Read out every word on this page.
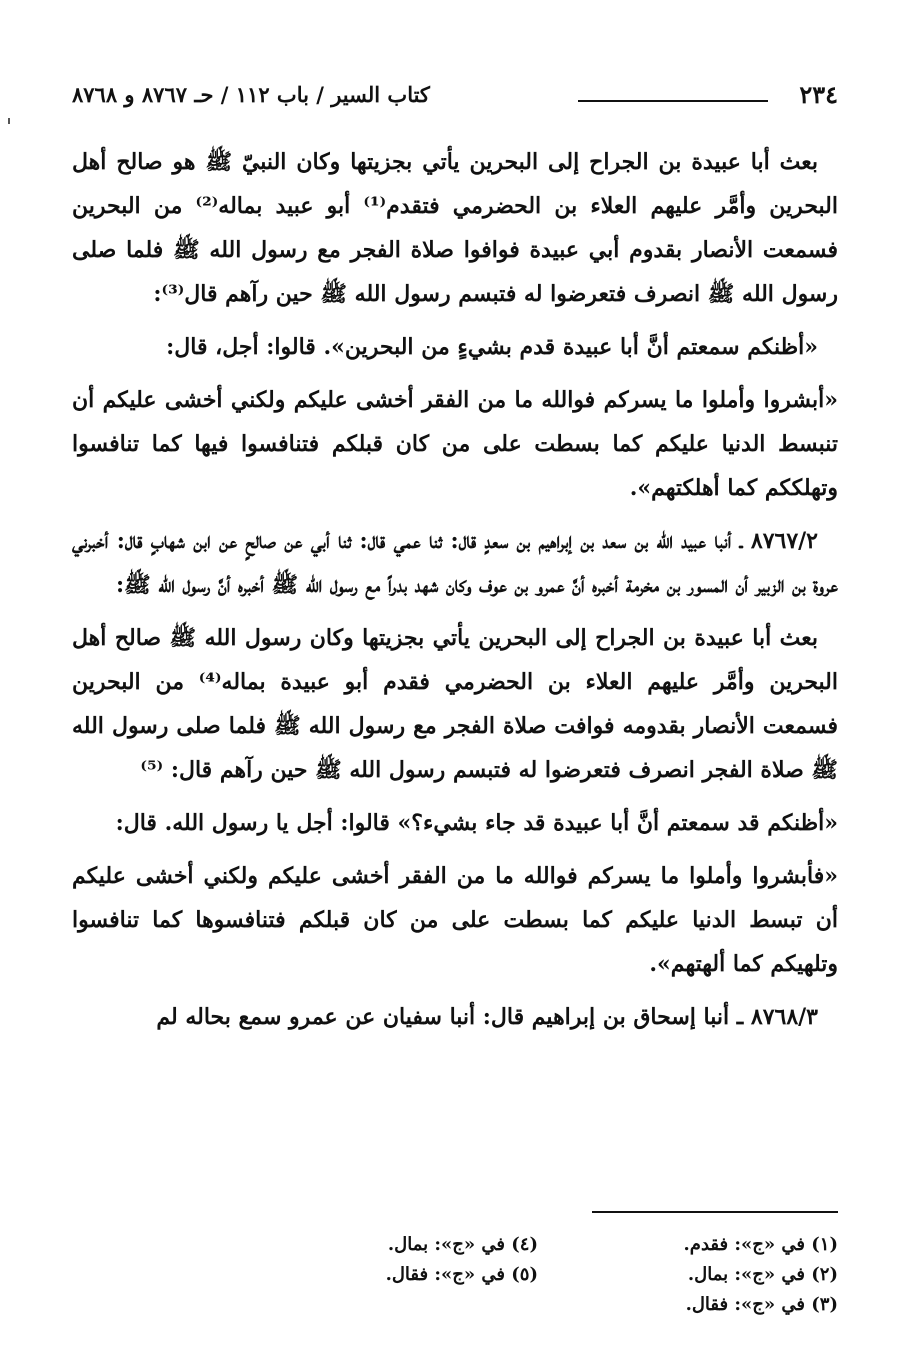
٢٣٤
كتاب السير / باب ١١٢ / حـ ٨٧٦٧ و ٨٧٦٨

بعث أبا عبيدة بن الجراح إلى البحرين يأتي بجزيتها وكان النبيّ ﷺ هو صالح أهل البحرين وأمَّر عليهم العلاء بن الحضرمي فتقدم⁽¹⁾ أبو عبيد بماله⁽²⁾ من البحرين فسمعت الأنصار بقدوم أبي عبيدة فوافوا صلاة الفجر مع رسول الله ﷺ فلما صلى رسول الله ﷺ انصرف فتعرضوا له فتبسم رسول الله ﷺ حين رآهم قال⁽³⁾:

«أظنكم سمعتم أنَّ أبا عبيدة قدم بشيءٍ من البحرين». قالوا: أجل، قال:

«أبشروا وأملوا ما يسركم فوالله ما من الفقر أخشى عليكم ولكني أخشى عليكم أن تنبسط الدنيا عليكم كما بسطت على من كان قبلكم فتنافسوا فيها كما تنافسوا وتهلككم كما أهلكتهم».

٨٧٦٧/٢ ـ أنبا عبيد الله بن سعد بن إبراهيم بن سعدٍ قال: ثنا عمي قال: ثنا أبي عن صالحٍ عن ابن شهابٍ قال: أخبرني عروة بن الزبير أن المسور بن مخرمة أخبره أنَّ عمرو بن عوف وكان شهد بدراً مع رسول الله ﷺ أخبره أنَّ رسول الله ﷺ:

بعث أبا عبيدة بن الجراح إلى البحرين يأتي بجزيتها وكان رسول الله ﷺ صالح أهل البحرين وأمَّر عليهم العلاء بن الحضرمي فقدم أبو عبيدة بماله⁽⁴⁾ من البحرين فسمعت الأنصار بقدومه فوافت صلاة الفجر مع رسول الله ﷺ فلما صلى رسول الله ﷺ صلاة الفجر انصرف فتعرضوا له فتبسم رسول الله ﷺ حين رآهم قال: ⁽⁵⁾

«أظنكم قد سمعتم أنَّ أبا عبيدة قد جاء بشيء؟» قالوا: أجل يا رسول الله. قال:

«فأبشروا وأملوا ما يسركم فوالله ما من الفقر أخشى عليكم ولكني أخشى عليكم أن تبسط الدنيا عليكم كما بسطت على من كان قبلكم فتنافسوها كما تنافسوا وتلهيكم كما ألهتهم».

٨٧٦٨/٣ ـ أنبا إسحاق بن إبراهيم قال: أنبا سفيان عن عمرو سمع بحاله لم

(١) في «ج»: فقدم.
(٢) في «ج»: بمال.
(٣) في «ج»: فقال.
(٤) في «ج»: بمال.
(٥) في «ج»: فقال.
